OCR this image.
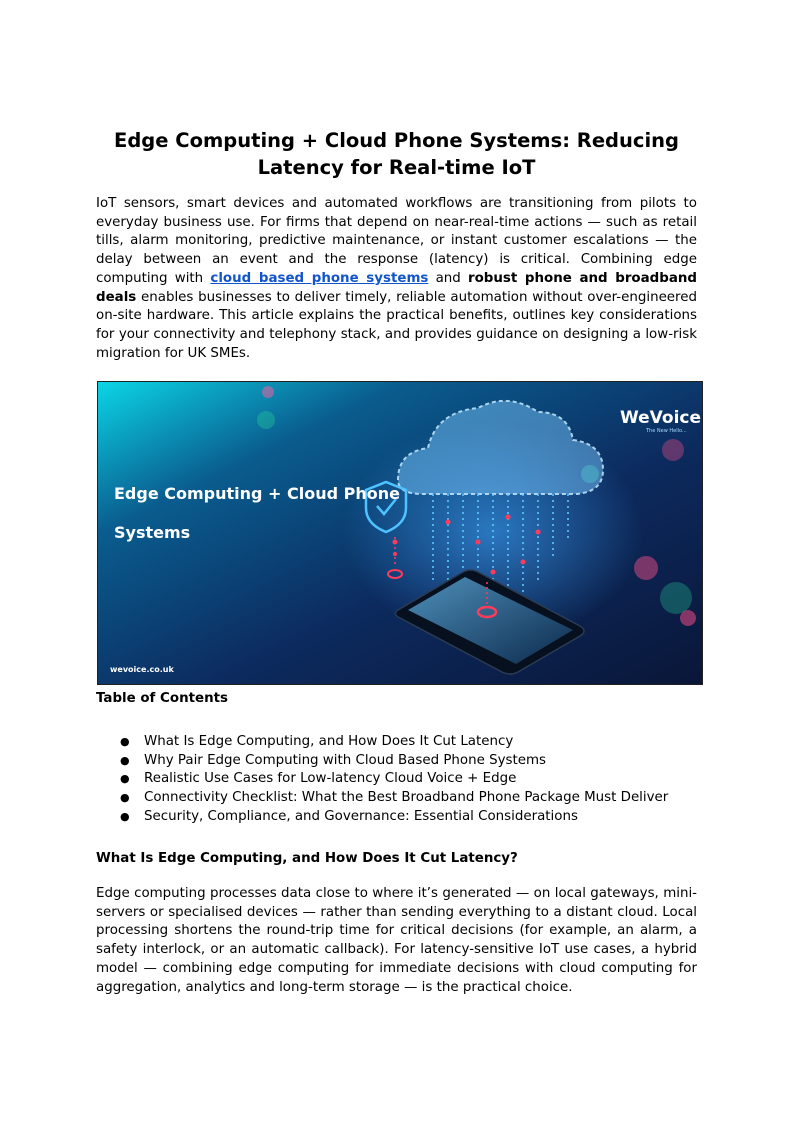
Edge Computing + Cloud Phone Systems: Reducing Latency for Real-time IoT

IoT sensors, smart devices and automated workflows are transitioning from pilots to everyday business use. For firms that depend on near-real-time actions — such as retail tills, alarm monitoring, predictive maintenance, or instant customer escalations — the delay between an event and the response (latency) is critical. Combining edge computing with cloud based phone systems and robust phone and broadband deals enables businesses to deliver timely, reliable automation without over-engineered on-site hardware. This article explains the practical benefits, outlines key considerations for your connectivity and telephony stack, and provides guidance on designing a low-risk migration for UK SMEs.

Edge Computing + Cloud Phone
Systems
WeVoice
The New Hello...
wevoice.co.uk
Table of Contents
● What Is Edge Computing, and How Does It Cut Latency
● Why Pair Edge Computing with Cloud Based Phone Systems
● Realistic Use Cases for Low-latency Cloud Voice + Edge
● Connectivity Checklist: What the Best Broadband Phone Package Must Deliver
● Security, Compliance, and Governance: Essential Considerations
What Is Edge Computing, and How Does It Cut Latency?

Edge computing processes data close to where it’s generated — on local gateways, mini-servers or specialised devices — rather than sending everything to a distant cloud. Local processing shortens the round-trip time for critical decisions (for example, an alarm, a safety interlock, or an automatic callback). For latency-sensitive IoT use cases, a hybrid model — combining edge computing for immediate decisions with cloud computing for aggregation, analytics and long-term storage — is the practical choice.
